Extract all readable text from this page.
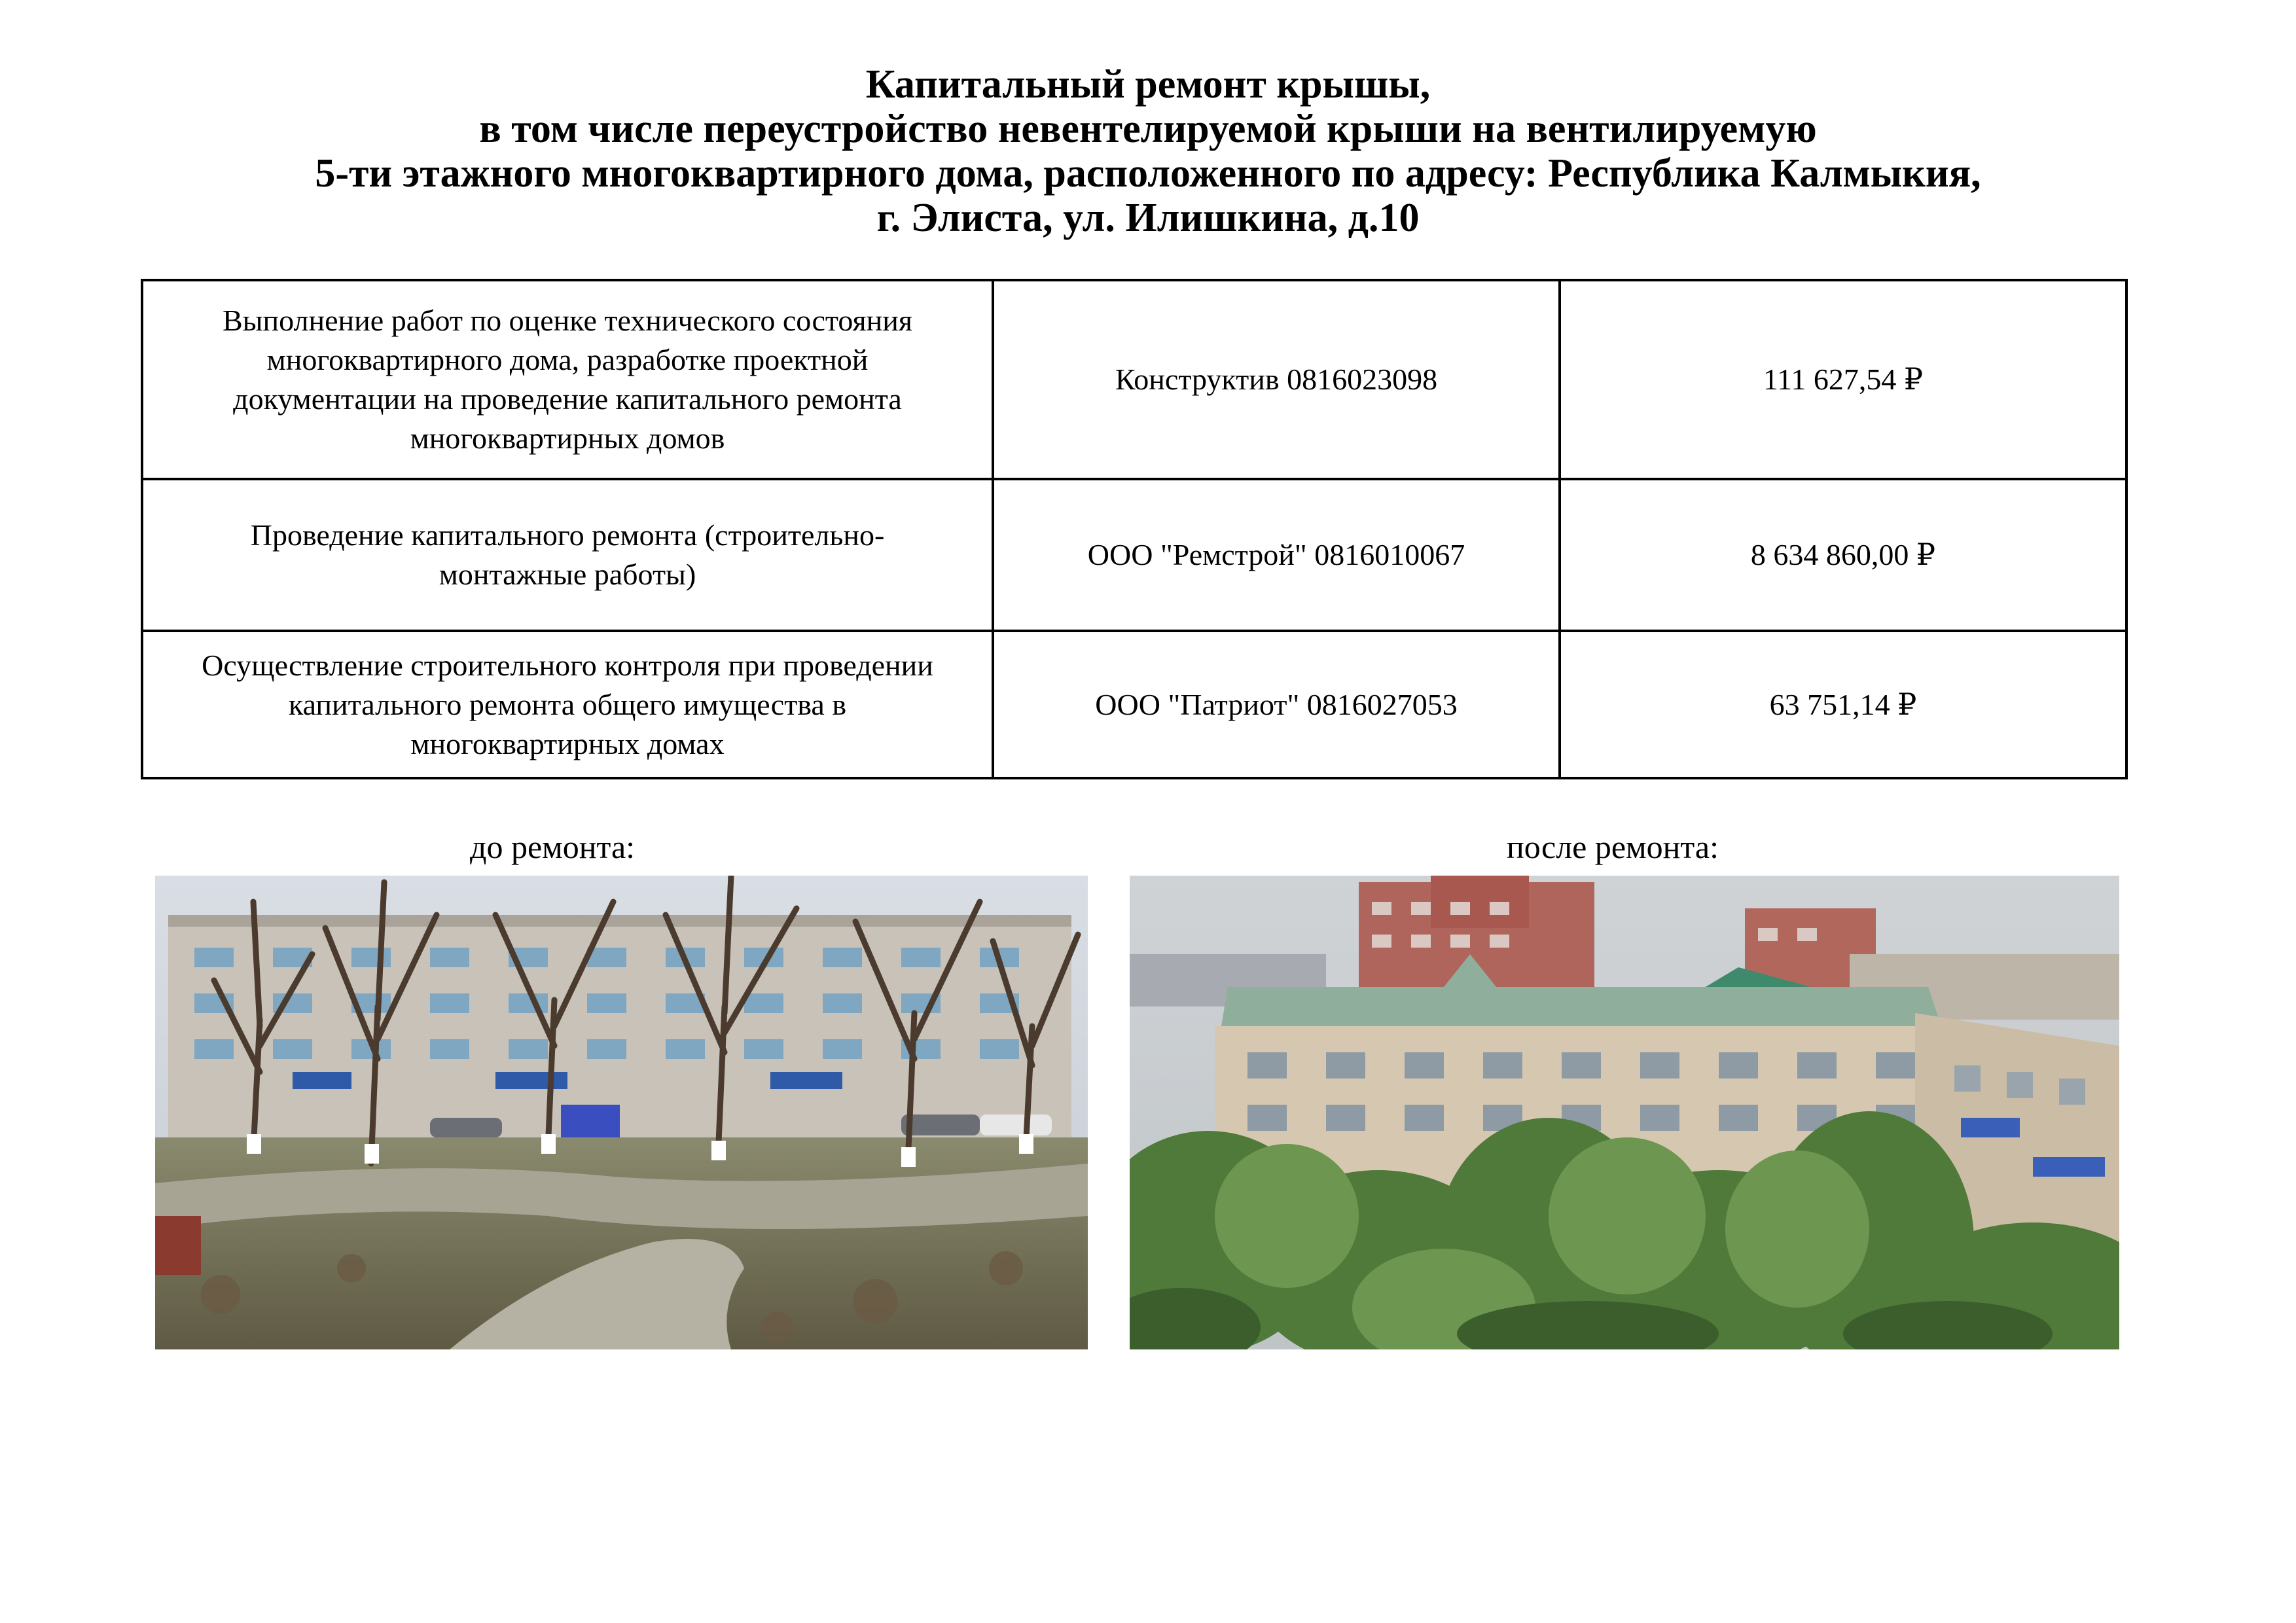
Капитальный ремонт крышы,
в том числе переустройство невентелируемой крыши на вентилируемую
5-ти этажного многоквартирного дома, расположенного по адресу: Республика Калмыкия,
г. Элиста, ул. Илишкина, д.10
Выполнение работ по оценке технического состояния
многоквартирного дома, разработке проектной
документации на проведение капитального ремонта
многоквартирных домов	Конструктив 0816023098	111 627,54 ₽
Проведение капитального ремонта (строительно-
монтажные работы)	ООО "Ремстрой" 0816010067	8 634 860,00 ₽
Осуществление строительного контроля при проведении
капитального ремонта общего имущества в
многоквартирных домах	ООО "Патриот" 0816027053	63 751,14 ₽
до ремонта:	после ремонта:
